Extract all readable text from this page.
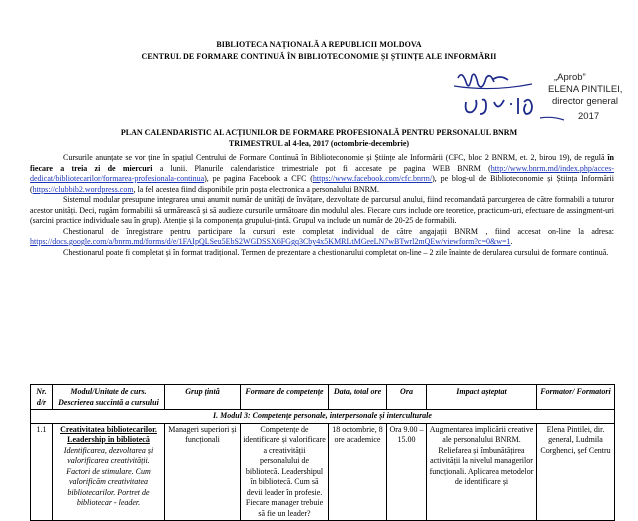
BIBLIOTECA NAȚIONALĂ A REPUBLICII MOLDOVA
CENTRUL DE FORMARE CONTINUĂ ÎN BIBLIOTECONOMIE ȘI ȘTIINȚE ALE INFORMĂRII
„Aprob”
ELENA PINTILEI,
director general
2017
PLAN CALENDARISTIC AL ACȚIUNILOR DE FORMARE PROFESIONALĂ PENTRU PERSONALUL BNRM
TRIMESTRUL al 4-lea, 2017 (octombrie-decembrie)

Cursurile anunțate se vor ține în spațiul Centrului de Formare Continuă în Biblioteconomie și Științe ale Informării (CFC, bloc 2 BNRM, et. 2, birou 19), de regulă în fiecare a treia zi de miercuri a lunii. Planurile calendaristice trimestriale pot fi accesate pe pagina WEB BNRM (http://www.bnrm.md/index.php/acces-dedicat/bibliotecarilor/formarea-profesionala-continua), pe pagina Facebook a CFC (https://www.facebook.com/cfc.bnrm/), pe blog-ul de Biblioteconomie și Știința Informării (https://clubbib2.wordpress.com, la fel acestea fiind disponibile prin poșta electronica a personalului BNRM.

Sistemul modular presupune integrarea unui anumit număr de unități de învățare, dezvoltate de parcursul anului, fiind recomandată parcurgerea de către formabili a tuturor acestor unități. Deci, rugăm formabilii să urmărească și să audieze cursurile următoare din modulul ales. Fiecare curs include ore teoretice, practicum-uri, efectuare de assingment-uri (sarcini practice individuale sau în grup). Atenție și la componența grupului-țintă. Grupul va include un număr de 20-25 de formabili.

Chestionarul de înregistrare pentru participare la cursuri este completat individual de către angajații BNRM , fiind accesat on-line la adresa: https://docs.google.com/a/bnrm.md/forms/d/e/1FAIpQLSeu5EbS2WGDSSX6FGgq3Cby4x5KMRLtMGeeLN7wBTwrl2mQEw/viewform?c=0&w=1.

Chestionarul poate fi completat și în format tradițional. Termen de prezentare a chestionarului completat on-line – 2 zile înainte de derularea cursului de formare continuă.

Nr. d/r	Modul/Unitate de curs. Descrierea succintă a cursului	Grup țintă	Formare de competențe	Data, total ore	Ora	Impact așteptat	Formator/ Formatori
I. Modul 3: Competențe personale, interpersonale și interculturale							
1.1	Creativitatea bibliotecarilor.
Leadership în bibliotecă
Identificarea, dezvoltarea și valorificarea creativității. Factori de stimulare. Cum valorificăm creativitatea bibliotecarilor. Portret de bibliotecar - leader.	Manageri superiori și funcționali	Competențe de identificare și valorificare a creativității personalului de bibliotecă. Leadershipul în bibliotecă. Cum să devii leader în profesie. Fiecare manager trebuie să fie un leader?	18 octombrie, 8 ore academice	Ora 9.00 – 15.00	Augmentarea implicării creative ale personalului BNRM. Reliefarea și îmbunătățirea activității la nivelul managerilor funcționali. Aplicarea metodelor de identificare și	Elena Pintilei, dir. general, Ludmila Corghenci, șef Centru
